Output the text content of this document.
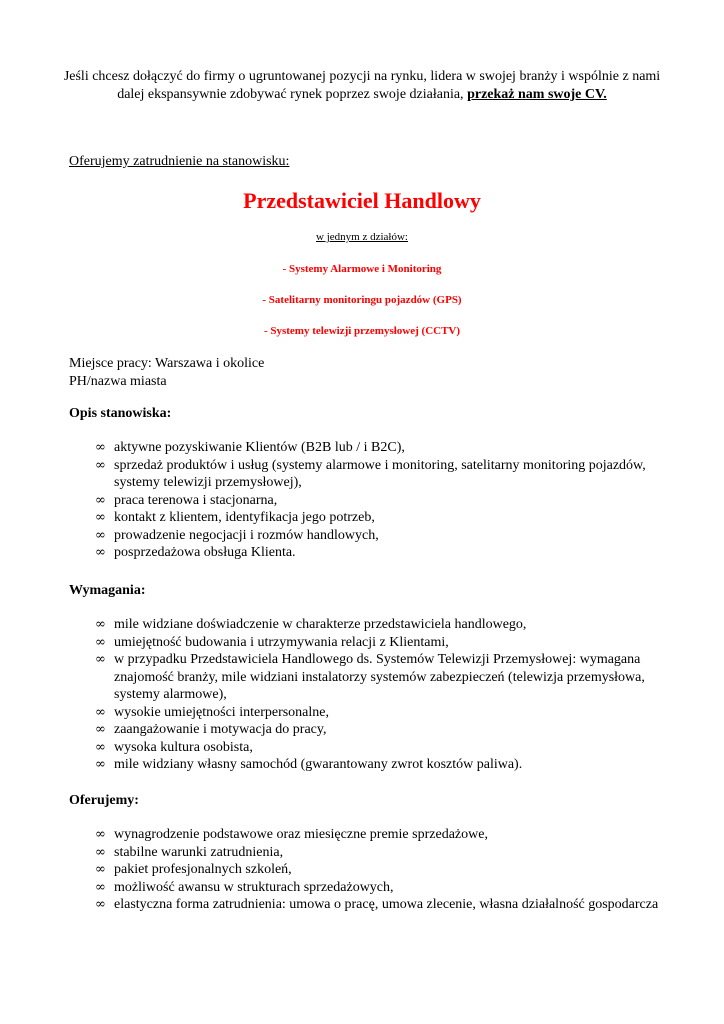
Jeśli chcesz dołączyć do firmy o ugruntowanej pozycji na rynku, lidera w swojej branży i wspólnie z nami dalej ekspansywnie zdobywać rynek poprzez swoje działania, przekaż nam swoje CV.

Oferujemy zatrudnienie na stanowisku:
Przedstawiciel Handlowy
w jednym z działów:
- Systemy Alarmowe i Monitoring
- Satelitarny monitoringu pojazdów (GPS)
- Systemy telewizji przemysłowej (CCTV)
Miejsce pracy: Warszawa i okolice
PH/nazwa miasta
Opis stanowiska:
∞ aktywne pozyskiwanie Klientów (B2B lub / i B2C),
∞ sprzedaż produktów i usług (systemy alarmowe i monitoring, satelitarny monitoring pojazdów, systemy telewizji przemysłowej),
∞ praca terenowa i stacjonarna,
∞ kontakt z klientem, identyfikacja jego potrzeb,
∞ prowadzenie negocjacji i rozmów handlowych,
∞ posprzedażowa obsługa Klienta.
Wymagania:
∞ mile widziane doświadczenie w charakterze przedstawiciela handlowego,
∞ umiejętność budowania i utrzymywania relacji z Klientami,
∞ w przypadku Przedstawiciela Handlowego ds. Systemów Telewizji Przemysłowej: wymagana znajomość branży, mile widziani instalatorzy systemów zabezpieczeń (telewizja przemysłowa, systemy alarmowe),
∞ wysokie umiejętności interpersonalne,
∞ zaangażowanie i motywacja do pracy,
∞ wysoka kultura osobista,
∞ mile widziany własny samochód (gwarantowany zwrot kosztów paliwa).
Oferujemy:
∞ wynagrodzenie podstawowe oraz miesięczne premie sprzedażowe,
∞ stabilne warunki zatrudnienia,
∞ pakiet profesjonalnych szkoleń,
∞ możliwość awansu w strukturach sprzedażowych,
∞ elastyczna forma zatrudnienia: umowa o pracę, umowa zlecenie, własna działalność gospodarcza
